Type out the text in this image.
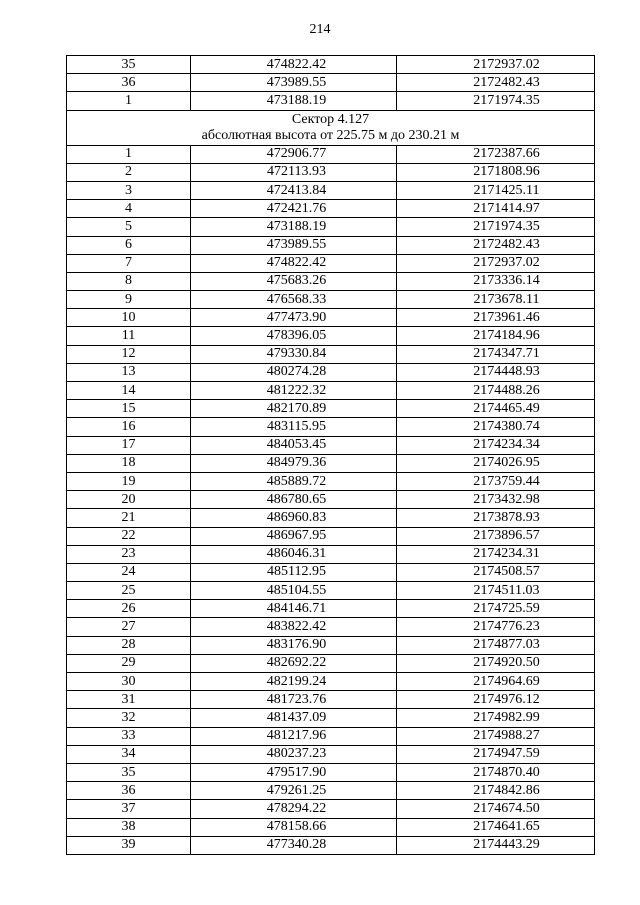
214
35	474822.42	2172937.02
36	473989.55	2172482.43
1	473188.19	2171974.35

Сектор 4.127
абсолютная высота от 225.75 м до 230.21 м		

1	472906.77	2172387.66
2	472113.93	2171808.96
3	472413.84	2171425.11
4	472421.76	2171414.97
5	473188.19	2171974.35
6	473989.55	2172482.43
7	474822.42	2172937.02
8	475683.26	2173336.14
9	476568.33	2173678.11
10	477473.90	2173961.46
11	478396.05	2174184.96
12	479330.84	2174347.71
13	480274.28	2174448.93
14	481222.32	2174488.26
15	482170.89	2174465.49
16	483115.95	2174380.74
17	484053.45	2174234.34
18	484979.36	2174026.95
19	485889.72	2173759.44
20	486780.65	2173432.98
21	486960.83	2173878.93
22	486967.95	2173896.57
23	486046.31	2174234.31
24	485112.95	2174508.57
25	485104.55	2174511.03
26	484146.71	2174725.59
27	483822.42	2174776.23
28	483176.90	2174877.03
29	482692.22	2174920.50
30	482199.24	2174964.69
31	481723.76	2174976.12
32	481437.09	2174982.99
33	481217.96	2174988.27
34	480237.23	2174947.59
35	479517.90	2174870.40
36	479261.25	2174842.86
37	478294.22	2174674.50
38	478158.66	2174641.65
39	477340.28	2174443.29
